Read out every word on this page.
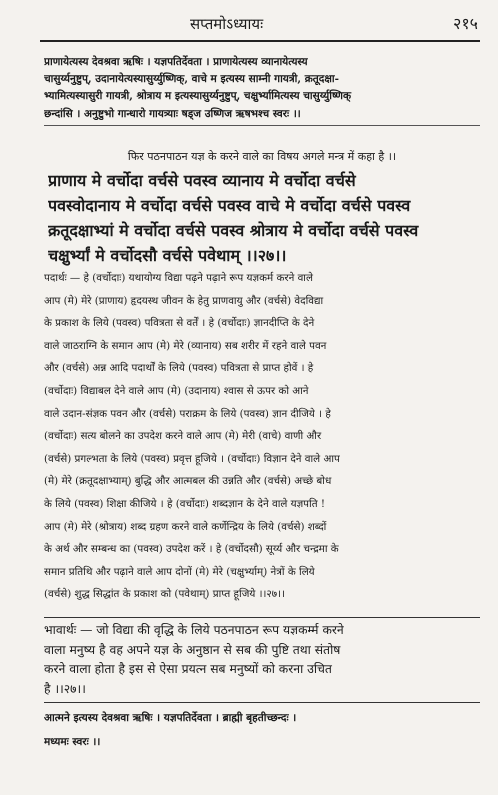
सप्तमोऽध्यायः	२१५
प्राणायेत्यस्य देवश्रवा ऋषिः । यज्ञपतिर्देवता । प्राणायेत्यस्य व्यानायेत्यस्य
चासुर्य्यनुष्टुप्, उदानायेत्यस्यासुर्य्युष्णिक्, वाचे म इत्यस्य साम्नी गायत्री, क्रतूदक्षा-
भ्यामित्यस्यासुरी गायत्री, श्रोत्राय म इत्यस्यासुर्य्यनुष्टुप्, चक्षुर्भ्यामित्यस्य चासुर्य्युष्णिक्
छन्दांसि । अनुष्टुभो गान्धारो गायत्र्याः षड्ज उष्णिज ऋषभश्च स्वरः ।।
फिर पठनपाठन यज्ञ के करने वाले का विषय अगले मन्त्र में कहा है ।।
प्राणाय मे वर्चोदा वर्चसे पवस्व व्यानाय मे वर्चोदा वर्चसे
पवस्वोदानाय मे वर्चोदा वर्चसे पवस्व वाचे मे वर्चोदा वर्चसे पवस्व
क्रतूदक्षाभ्यां मे वर्चोदा वर्चसे पवस्व श्रोत्राय मे वर्चोदा वर्चसे पवस्व
चक्षुर्भ्यां मे वर्चोदसौ वर्चसे पवेथाम् ।।२७।।
पदार्थः — हे (वर्चोदाः) यथायोग्य विद्या पढ़ने पढ़ाने रूप यज्ञकर्म करने वाले
आप (मे) मेरे (प्राणाय) हृदयस्थ जीवन के हेतु प्राणवायु और (वर्चसे) वेदविद्या
के प्रकाश के लिये (पवस्व) पवित्रता से वर्तें । हे (वर्चोदाः) ज्ञानदीप्ति के देने
वाले जाठराग्नि के समान आप (मे) मेरे (व्यानाय) सब शरीर में रहने वाले पवन
और (वर्चसे) अन्न आदि पदार्थों के लिये (पवस्व) पवित्रता से प्राप्त होवें । हे
(वर्चोदाः) विद्याबल देने वाले आप (मे) (उदानाय) श्वास से ऊपर को आने
वाले उदान-संज्ञक पवन और (वर्चसे) पराक्रम के लिये (पवस्व) ज्ञान दीजिये । हे
(वर्चोदाः) सत्य बोलने का उपदेश करने वाले आप (मे) मेरी (वाचे) वाणी और
(वर्चसे) प्रगल्भता के लिये (पवस्व) प्रवृत्त हूजिये । (वर्चोदाः) विज्ञान देने वाले आप
(मे) मेरे (क्रतूदक्षाभ्याम्) बुद्धि और आत्मबल की उन्नति और (वर्चसे) अच्छे बोध
के लिये (पवस्व) शिक्षा कीजिये । हे (वर्चोदाः) शब्दज्ञान के देने वाले यज्ञपति !
आप (मे) मेरे (श्रोत्राय) शब्द ग्रहण करने वाले कर्णेन्द्रिय के लिये (वर्चसे) शब्दों
के अर्थ और सम्बन्ध का (पवस्व) उपदेश करें । हे (वर्चोदसौ) सूर्य्य और चन्द्रमा के
समान प्रतिथि और पढ़ाने वाले आप दोनों (मे) मेरे (चक्षुर्भ्याम्) नेत्रों के लिये
(वर्चसे) शुद्ध सिद्धांत के प्रकाश को (पवेथाम्) प्राप्त हूजिये ।।२७।।
भावार्थः — जो विद्या की वृद्धि के लिये पठनपाठन रूप यज्ञकर्म्म करने
वाला मनुष्य है वह अपने यज्ञ के अनुष्ठान से सब की पुष्टि तथा संतोष
करने वाला होता है इस से ऐसा प्रयत्न सब मनुष्यों को करना उचित
है ।।२७।।
आत्मने इत्यस्य देवश्रवा ऋषिः । यज्ञपतिर्देवता । ब्राह्मी बृहतीच्छन्दः ।
मध्यमः स्वरः ।।
